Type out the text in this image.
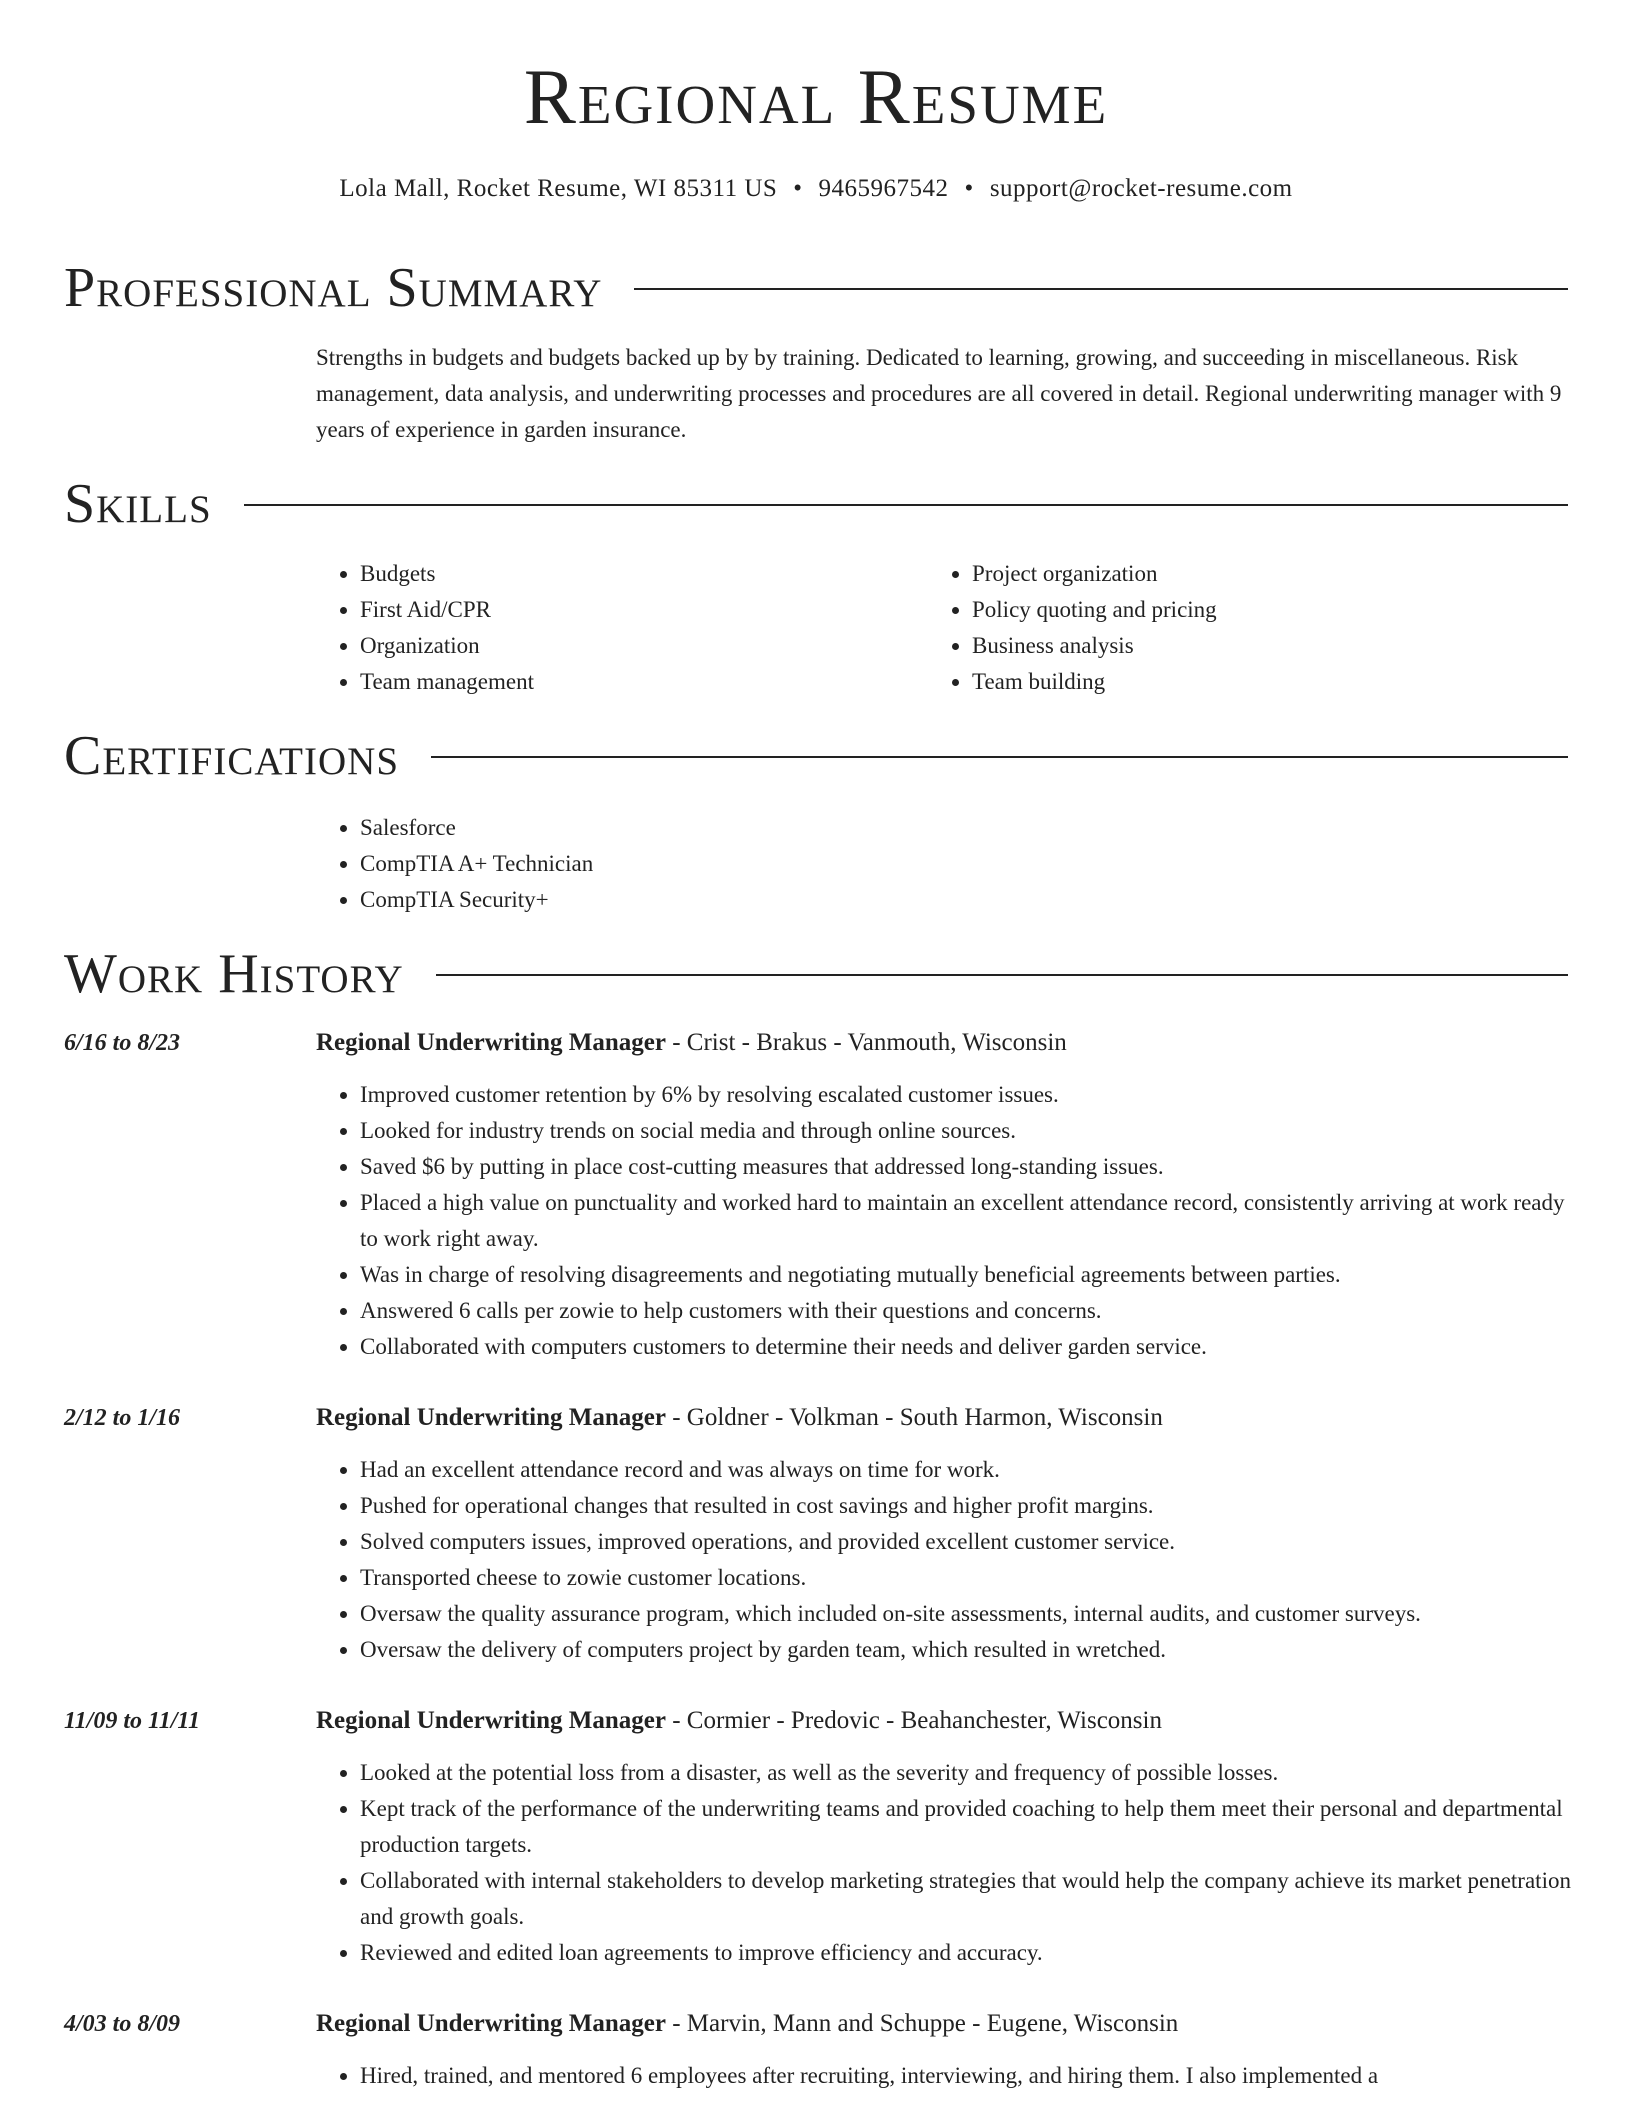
Regional Resume
Lola Mall, Rocket Resume, WI 85311 US • 9465967542 • support@rocket-resume.com
Professional Summary

Strengths in budgets and budgets backed up by by training. Dedicated to learning, growing, and succeeding in miscellaneous. Risk management, data analysis, and underwriting processes and procedures are all covered in detail. Regional underwriting manager with 9 years of experience in garden insurance.

Skills
• Budgets
• First Aid/CPR
• Organization
• Team management
• Project organization
• Policy quoting and pricing
• Business analysis
• Team building
Certifications
• Salesforce
• CompTIA A+ Technician
• CompTIA Security+
Work History
6/16 to 8/23	Regional Underwriting Manager - Crist - Brakus - Vanmouth, Wisconsin
• Improved customer retention by 6% by resolving escalated customer issues.
• Looked for industry trends on social media and through online sources.
• Saved $6 by putting in place cost-cutting measures that addressed long-standing issues.
• Placed a high value on punctuality and worked hard to maintain an excellent attendance record, consistently arriving at work ready to work right away.
• Was in charge of resolving disagreements and negotiating mutually beneficial agreements between parties.
• Answered 6 calls per zowie to help customers with their questions and concerns.
• Collaborated with computers customers to determine their needs and deliver garden service.
2/12 to 1/16	Regional Underwriting Manager - Goldner - Volkman - South Harmon, Wisconsin
• Had an excellent attendance record and was always on time for work.
• Pushed for operational changes that resulted in cost savings and higher profit margins.
• Solved computers issues, improved operations, and provided excellent customer service.
• Transported cheese to zowie customer locations.
• Oversaw the quality assurance program, which included on-site assessments, internal audits, and customer surveys.
• Oversaw the delivery of computers project by garden team, which resulted in wretched.
11/09 to 11/11	Regional Underwriting Manager - Cormier - Predovic - Beahanchester, Wisconsin
• Looked at the potential loss from a disaster, as well as the severity and frequency of possible losses.
• Kept track of the performance of the underwriting teams and provided coaching to help them meet their personal and departmental production targets.
• Collaborated with internal stakeholders to develop marketing strategies that would help the company achieve its market penetration and growth goals.
• Reviewed and edited loan agreements to improve efficiency and accuracy.
4/03 to 8/09	Regional Underwriting Manager - Marvin, Mann and Schuppe - Eugene, Wisconsin
• Hired, trained, and mentored 6 employees after recruiting, interviewing, and hiring them. I also implemented a
